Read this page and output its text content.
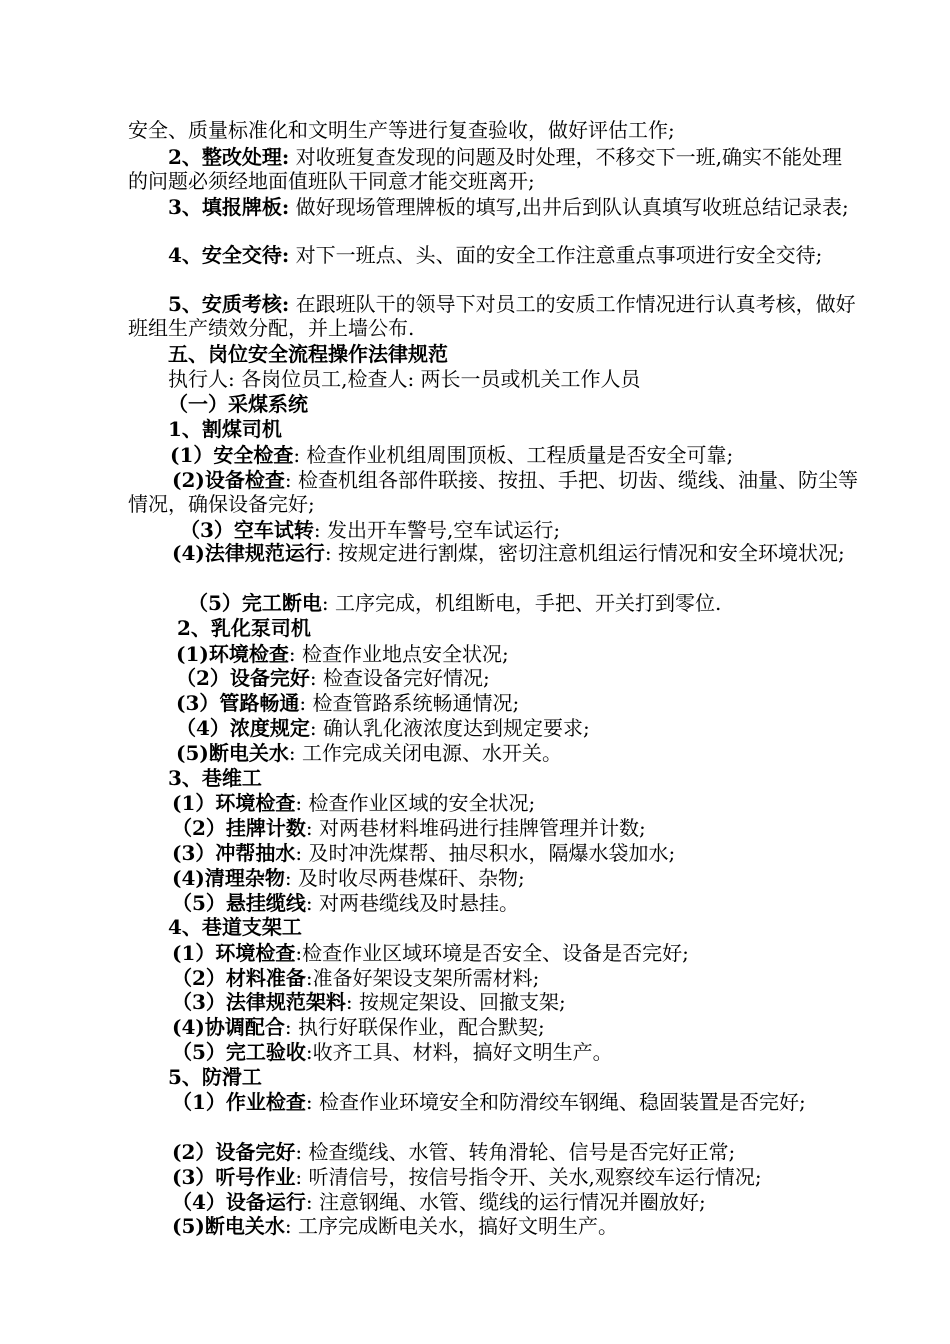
安全、质量标准化和文明生产等进行复查验收，做好评估工作;

2、整改处理: 对收班复查发现的问题及时处理，不移交下一班,确实不能处理的问题必须经地面值班队干同意才能交班离开;

3、填报牌板: 做好现场管理牌板的填写,出井后到队认真填写收班总结记录表;

4、安全交待: 对下一班点、头、面的安全工作注意重点事项进行安全交待;

5、安质考核: 在跟班队干的领导下对员工的安质工作情况进行认真考核，做好班组生产绩效分配，并上墙公布.

五、岗位安全流程操作法律规范

执行人: 各岗位员工,检查人: 两长一员或机关工作人员

（一）采煤系统

1、割煤司机

(1）安全检查: 检查作业机组周围顶板、工程质量是否安全可靠;

(2)设备检查: 检查机组各部件联接、按扭、手把、切齿、缆线、油量、防尘等情况，确保设备完好;

（3）空车试转: 发出开车警号,空车试运行;

(4)法律规范运行: 按规定进行割煤，密切注意机组运行情况和安全环境状况;

（5）完工断电: 工序完成，机组断电，手把、开关打到零位.

2、乳化泵司机

(1)环境检查: 检查作业地点安全状况;

（2）设备完好: 检查设备完好情况;

(3）管路畅通: 检查管路系统畅通情况;

（4）浓度规定: 确认乳化液浓度达到规定要求;

(5)断电关水: 工作完成关闭电源、水开关。

3、巷维工

(1）环境检查: 检查作业区域的安全状况;

（2）挂牌计数: 对两巷材料堆码进行挂牌管理并计数;

(3）冲帮抽水: 及时冲洗煤帮、抽尽积水，隔爆水袋加水;

(4)清理杂物: 及时收尽两巷煤矸、杂物;

（5）悬挂缆线: 对两巷缆线及时悬挂。

4、巷道支架工

(1）环境检查:检查作业区域环境是否安全、设备是否完好;

（2）材料准备:准备好架设支架所需材料;

（3）法律规范架料: 按规定架设、回撤支架;

(4)协调配合: 执行好联保作业，配合默契;

（5）完工验收:收齐工具、材料，搞好文明生产。

5、防滑工

（1）作业检查: 检查作业环境安全和防滑绞车钢绳、稳固装置是否完好;

(2）设备完好: 检查缆线、水管、转角滑轮、信号是否完好正常;

(3）听号作业: 听清信号，按信号指令开、关水,观察绞车运行情况;

（4）设备运行: 注意钢绳、水管、缆线的运行情况并圈放好;

(5)断电关水: 工序完成断电关水，搞好文明生产。
